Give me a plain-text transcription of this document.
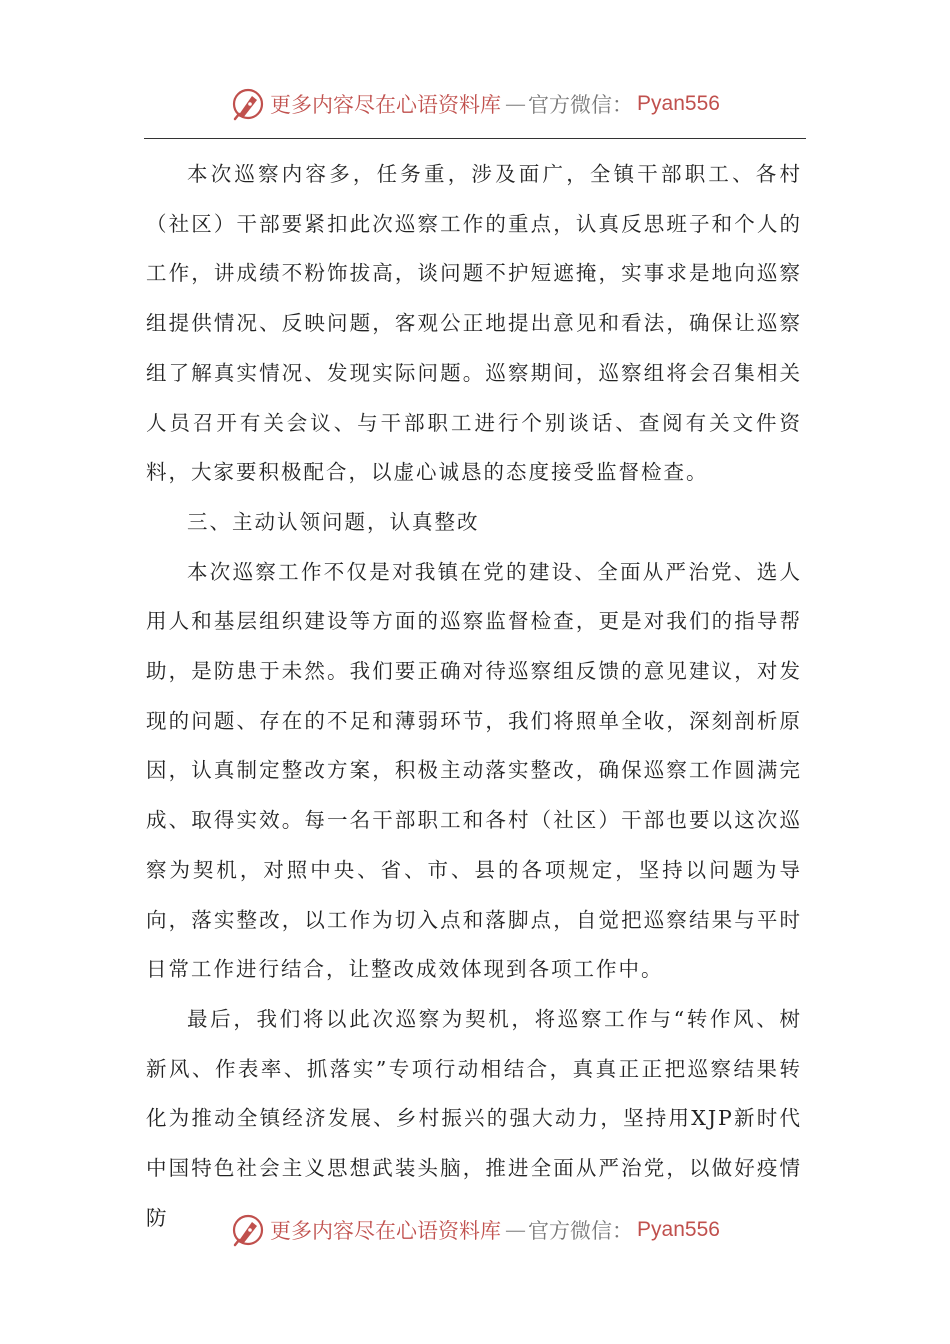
更多内容尽在心语资料库 — 官方微信： Pyan556

本次巡察内容多，任务重，涉及面广，全镇干部职工、各村（社区）干部要紧扣此次巡察工作的重点，认真反思班子和个人的工作，讲成绩不粉饰拔高，谈问题不护短遮掩，实事求是地向巡察组提供情况、反映问题，客观公正地提出意见和看法，确保让巡察组了解真实情况、发现实际问题。巡察期间，巡察组将会召集相关人员召开有关会议、与干部职工进行个别谈话、查阅有关文件资料，大家要积极配合，以虚心诚恳的态度接受监督检查。

三、主动认领问题，认真整改

本次巡察工作不仅是对我镇在党的建设、全面从严治党、选人用人和基层组织建设等方面的巡察监督检查，更是对我们的指导帮助，是防患于未然。我们要正确对待巡察组反馈的意见建议，对发现的问题、存在的不足和薄弱环节，我们将照单全收，深刻剖析原因，认真制定整改方案，积极主动落实整改，确保巡察工作圆满完成、取得实效。每一名干部职工和各村（社区）干部也要以这次巡察为契机，对照中央、省、市、县的各项规定，坚持以问题为导向，落实整改，以工作为切入点和落脚点，自觉把巡察结果与平时日常工作进行结合，让整改成效体现到各项工作中。

最后，我们将以此次巡察为契机，将巡察工作与“转作风、树新风、作表率、抓落实”专项行动相结合，真真正正把巡察结果转化为推动全镇经济发展、乡村振兴的强大动力，坚持用XJP新时代中国特色社会主义思想武装头脑，推进全面从严治党，以做好疫情防

更多内容尽在心语资料库 — 官方微信： Pyan556
